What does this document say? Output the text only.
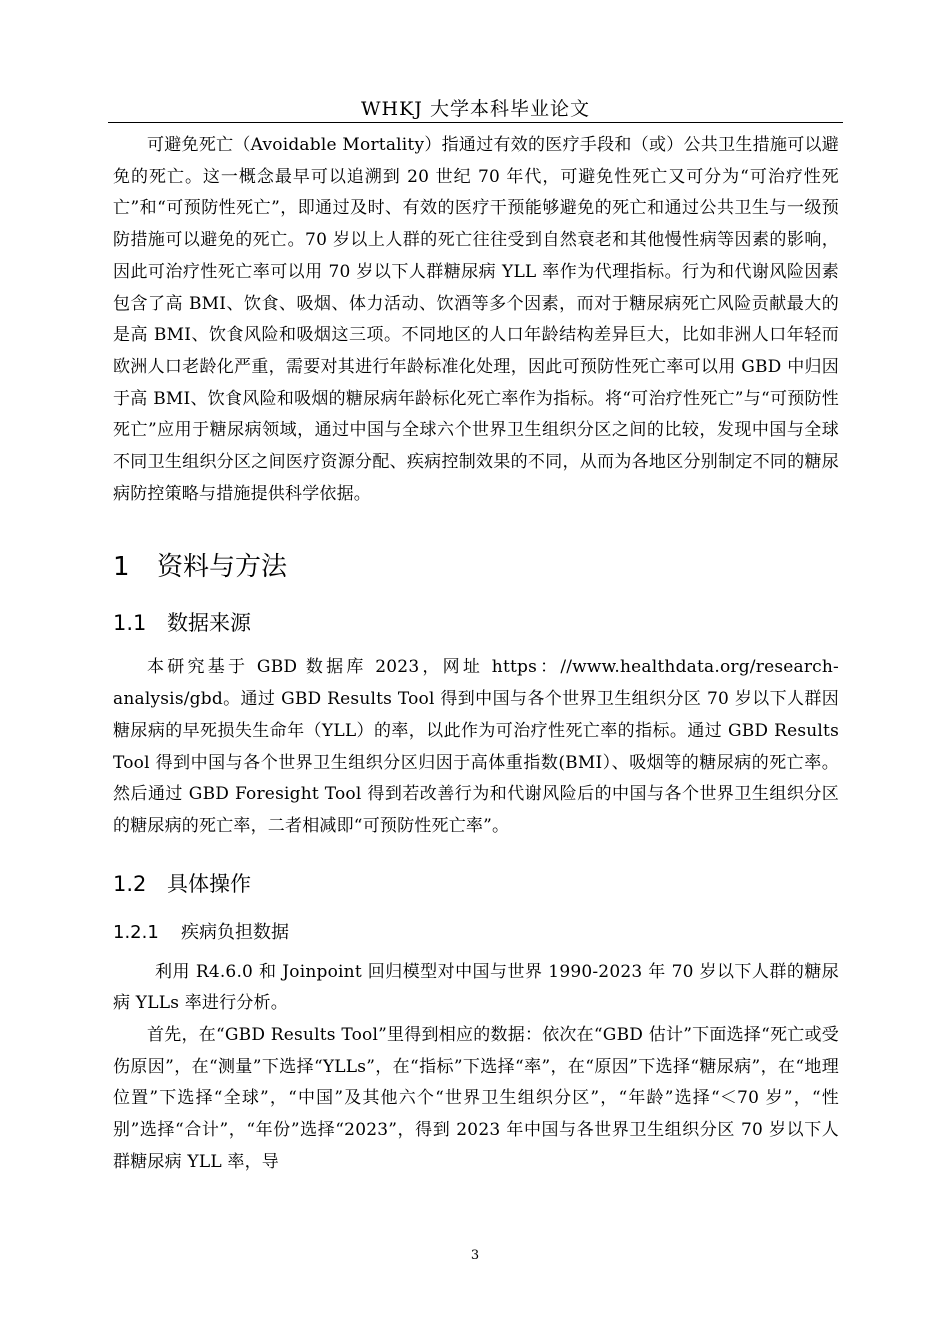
WHKJ 大学本科毕业论文

可避免死亡（Avoidable Mortality）指通过有效的医疗手段和（或）公共卫生措施可以避免的死亡。这一概念最早可以追溯到 20 世纪 70 年代，可避免性死亡又可分为“可治疗性死亡”和“可预防性死亡”，即通过及时、有效的医疗干预能够避免的死亡和通过公共卫生与一级预防措施可以避免的死亡。70 岁以上人群的死亡往往受到自然衰老和其他慢性病等因素的影响，因此可治疗性死亡率可以用 70 岁以下人群糖尿病 YLL 率作为代理指标。行为和代谢风险因素包含了高 BMI、饮食、吸烟、体力活动、饮酒等多个因素，而对于糖尿病死亡风险贡献最大的是高 BMI、饮食风险和吸烟这三项。不同地区的人口年龄结构差异巨大，比如非洲人口年轻而欧洲人口老龄化严重，需要对其进行年龄标准化处理，因此可预防性死亡率可以用 GBD 中归因于高 BMI、饮食风险和吸烟的糖尿病年龄标化死亡率作为指标。将“可治疗性死亡”与“可预防性死亡”应用于糖尿病领域，通过中国与全球六个世界卫生组织分区之间的比较，发现中国与全球不同卫生组织分区之间医疗资源分配、疾病控制效果的不同，从而为各地区分别制定不同的糖尿病防控策略与措施提供科学依据。

1 资料与方法
1.1 数据来源

本研究基于 GBD 数据库 2023，网址 https：//www.healthdata.org/research-analysis/gbd。通过 GBD Results Tool 得到中国与各个世界卫生组织分区 70 岁以下人群因糖尿病的早死损失生命年（YLL）的率，以此作为可治疗性死亡率的指标。通过 GBD Results Tool 得到中国与各个世界卫生组织分区归因于高体重指数(BMI）、吸烟等的糖尿病的死亡率。然后通过 GBD Foresight Tool 得到若改善行为和代谢风险后的中国与各个世界卫生组织分区的糖尿病的死亡率，二者相减即“可预防性死亡率”。

1.2 具体操作
1.2.1 疾病负担数据

利用 R4.6.0 和 Joinpoint 回归模型对中国与世界 1990-2023 年 70 岁以下人群的糖尿病 YLLs 率进行分析。

首先，在“GBD Results Tool”里得到相应的数据：依次在“GBD 估计”下面选择“死亡或受伤原因”，在“测量”下选择“YLLs”，在“指标”下选择“率”，在“原因”下选择“糖尿病”，在“地理位置”下选择“全球”，“中国”及其他六个“世界卫生组织分区”，“年龄”选择“＜70 岁”，“性别”选择“合计”，“年份”选择“2023”，得到 2023 年中国与各世界卫生组织分区 70 岁以下人群糖尿病 YLL 率，导

3
